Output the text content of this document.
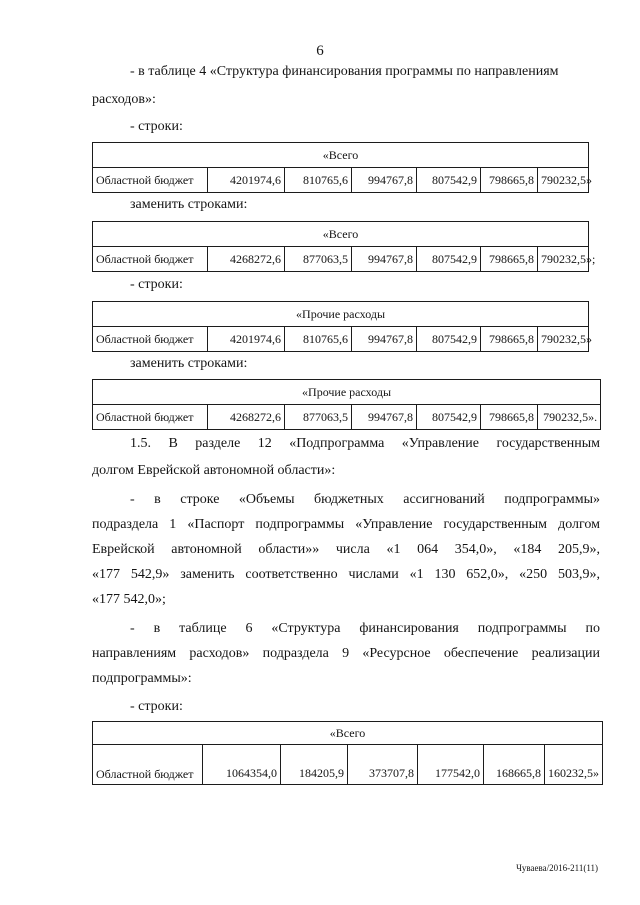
6
- в таблице 4 «Структура финансирования программы по направлениям
расходов»:
- строки:
«Всего
Областной бюджет	4201974,6	810765,6	994767,8	807542,9	798665,8	790232,5»
заменить строками:
«Всего
Областной бюджет	4268272,6	877063,5	994767,8	807542,9	798665,8	790232,5»;
- строки:
«Прочие расходы
Областной бюджет	4201974,6	810765,6	994767,8	807542,9	798665,8	790232,5»
заменить строками:
«Прочие расходы
Областной бюджет	4268272,6	877063,5	994767,8	807542,9	798665,8	790232,5».
1.5. В разделе 12 «Подпрограмма «Управление государственным
долгом Еврейской автономной области»:
- в строке «Объемы бюджетных ассигнований подпрограммы»
подраздела 1 «Паспорт подпрограммы «Управление государственным долгом
Еврейской автономной области»» числа «1 064 354,0», «184 205,9»,
«177 542,9» заменить соответственно числами «1 130 652,0», «250 503,9»,
«177 542,0»;
- в таблице 6 «Структура финансирования подпрограммы по
направлениям расходов» подраздела 9 «Ресурсное обеспечение реализации
подпрограммы»:
- строки:
«Всего
Областной бюджет	1064354,0	184205,9	373707,8	177542,0	168665,8	160232,5»
Чуваева/2016-211(11)
